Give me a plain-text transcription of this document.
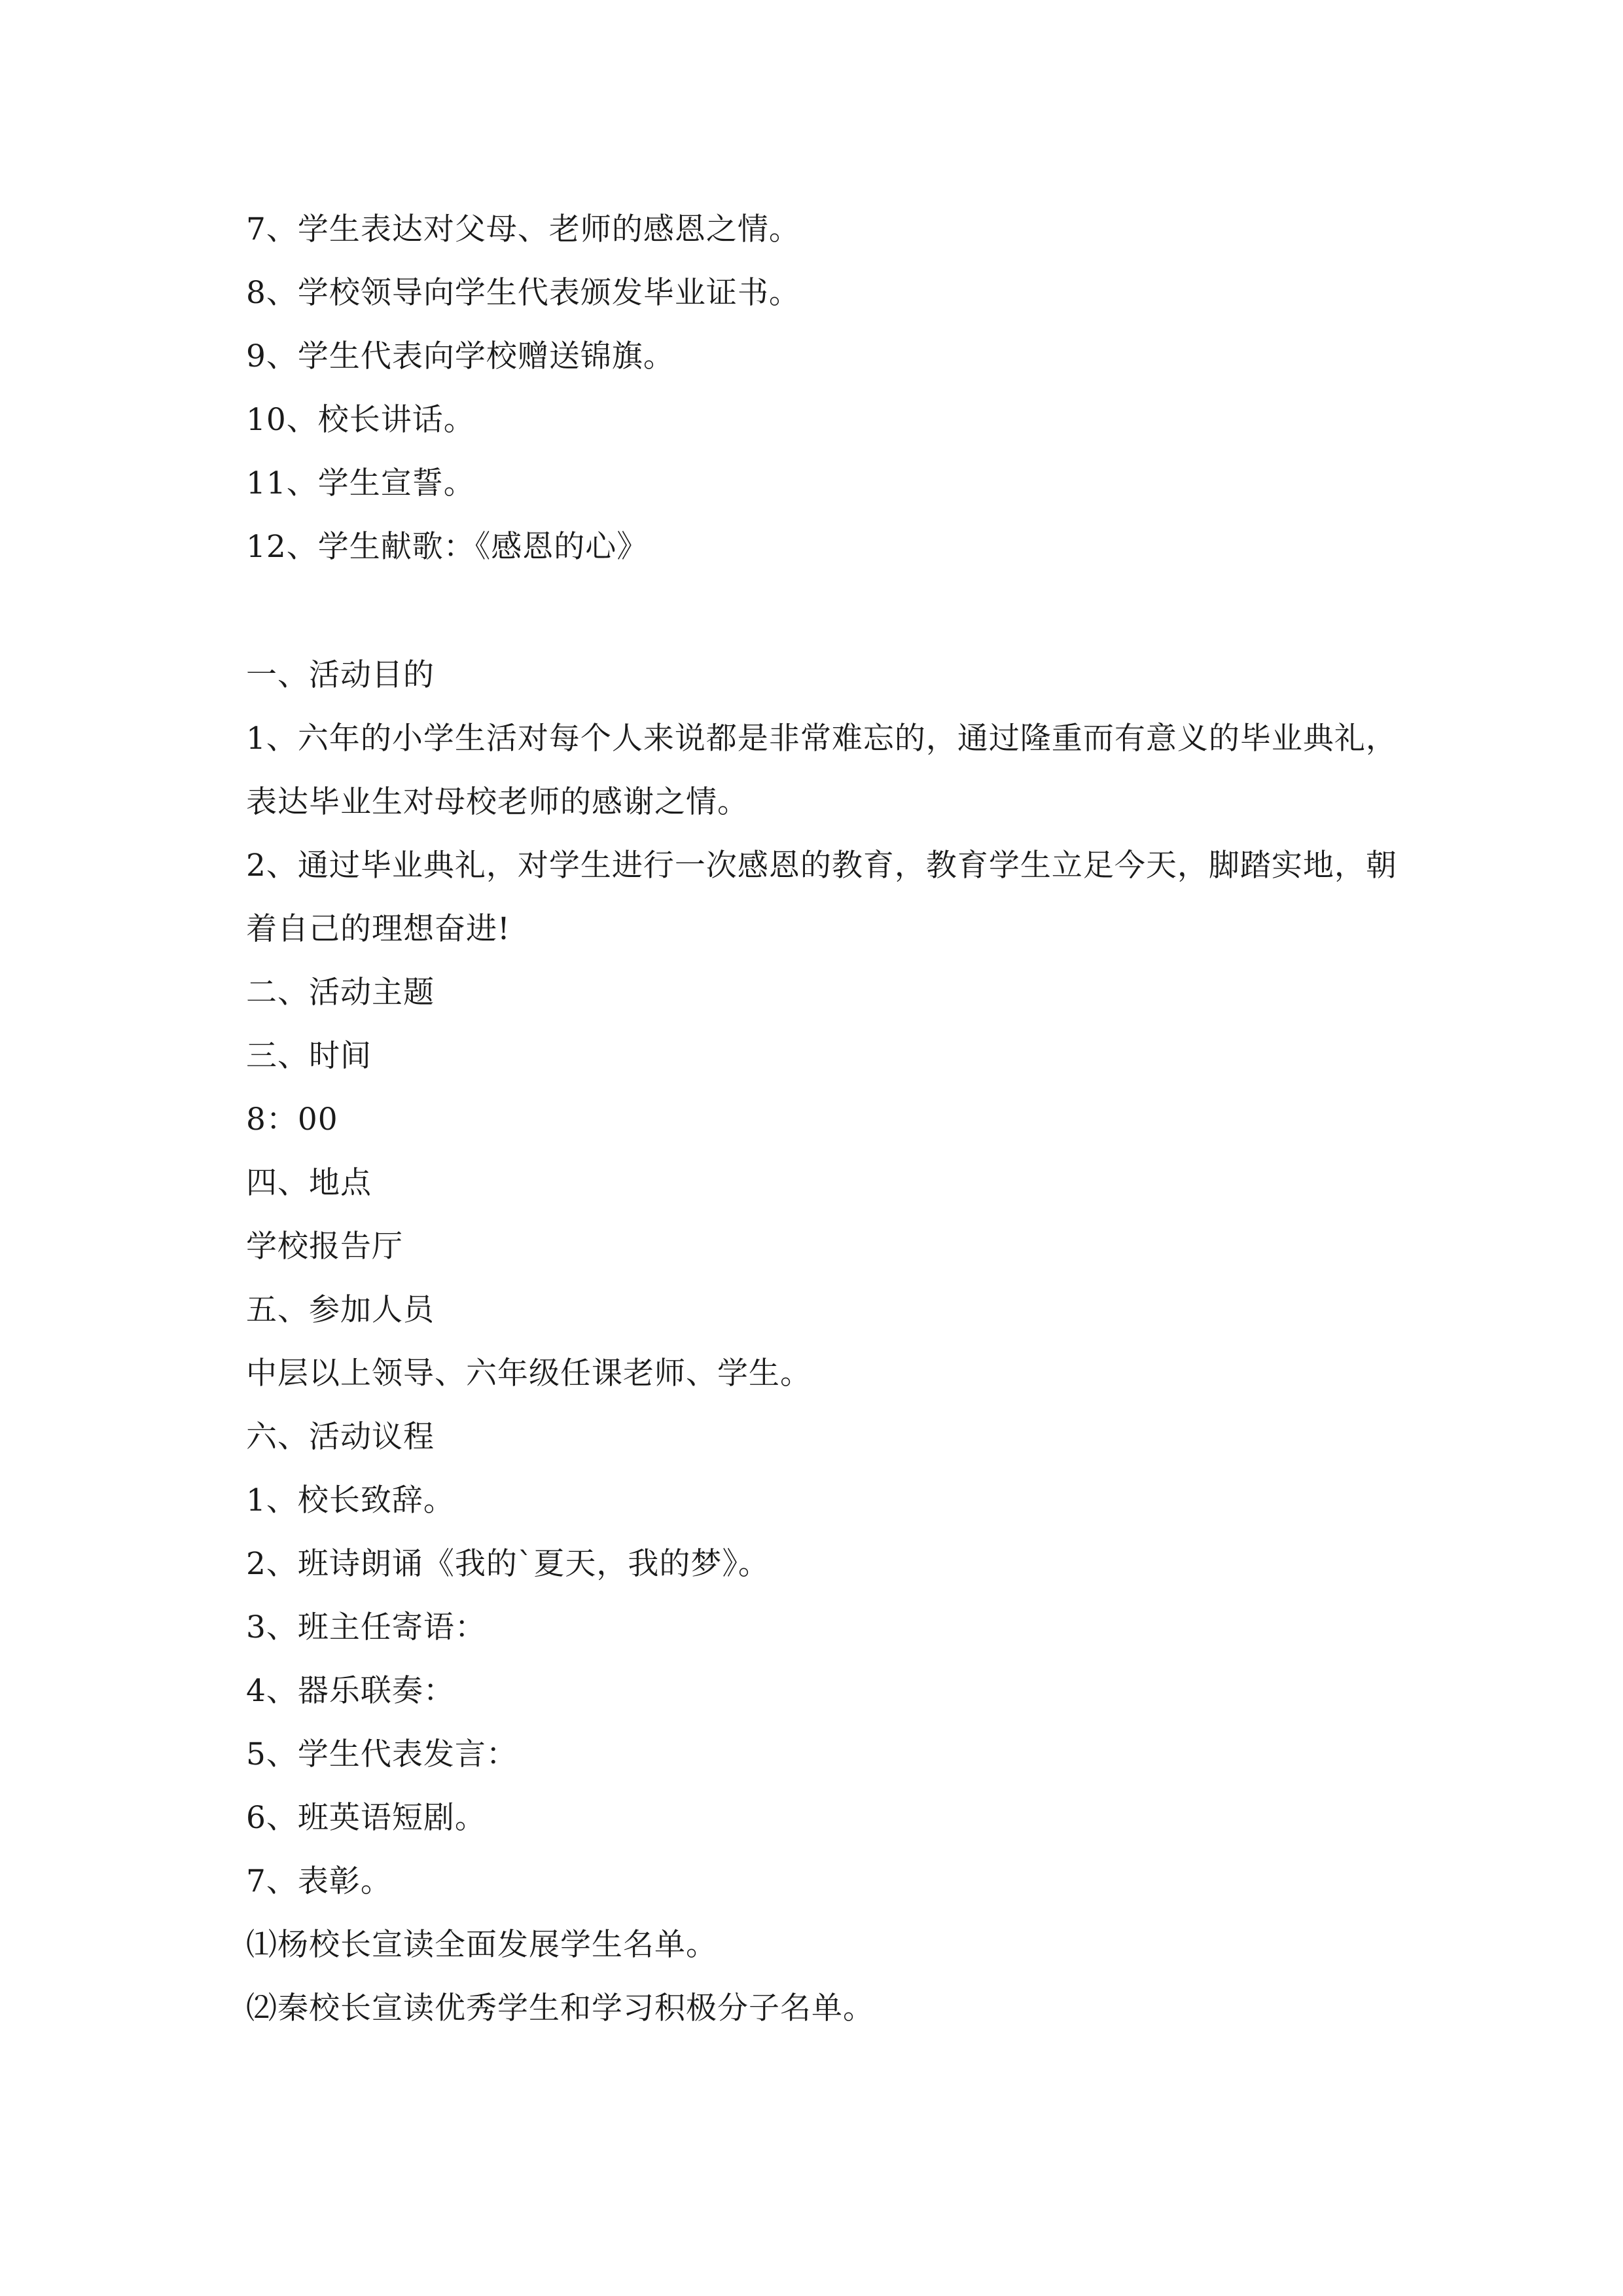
7、学生表达对父母、老师的感恩之情。
8、学校领导向学生代表颁发毕业证书。
9、学生代表向学校赠送锦旗。
10、校长讲话。
11、学生宣誓。
12、学生献歌：《感恩的心》
一、活动目的
1、六年的小学生活对每个人来说都是非常难忘的，通过隆重而有意义的毕业典礼，表达毕业生对母校老师的感谢之情。
2、通过毕业典礼，对学生进行一次感恩的教育，教育学生立足今天，脚踏实地，朝着自己的理想奋进!
二、活动主题
三、时间
8：00
四、地点
学校报告厅
五、参加人员
中层以上领导、六年级任课老师、学生。
六、活动议程
1、校长致辞。
2、班诗朗诵《我的`夏天，我的梦》。
3、班主任寄语：
4、器乐联奏：
5、学生代表发言：
6、班英语短剧。
7、表彰。
⑴杨校长宣读全面发展学生名单。
⑵秦校长宣读优秀学生和学习积极分子名单。
